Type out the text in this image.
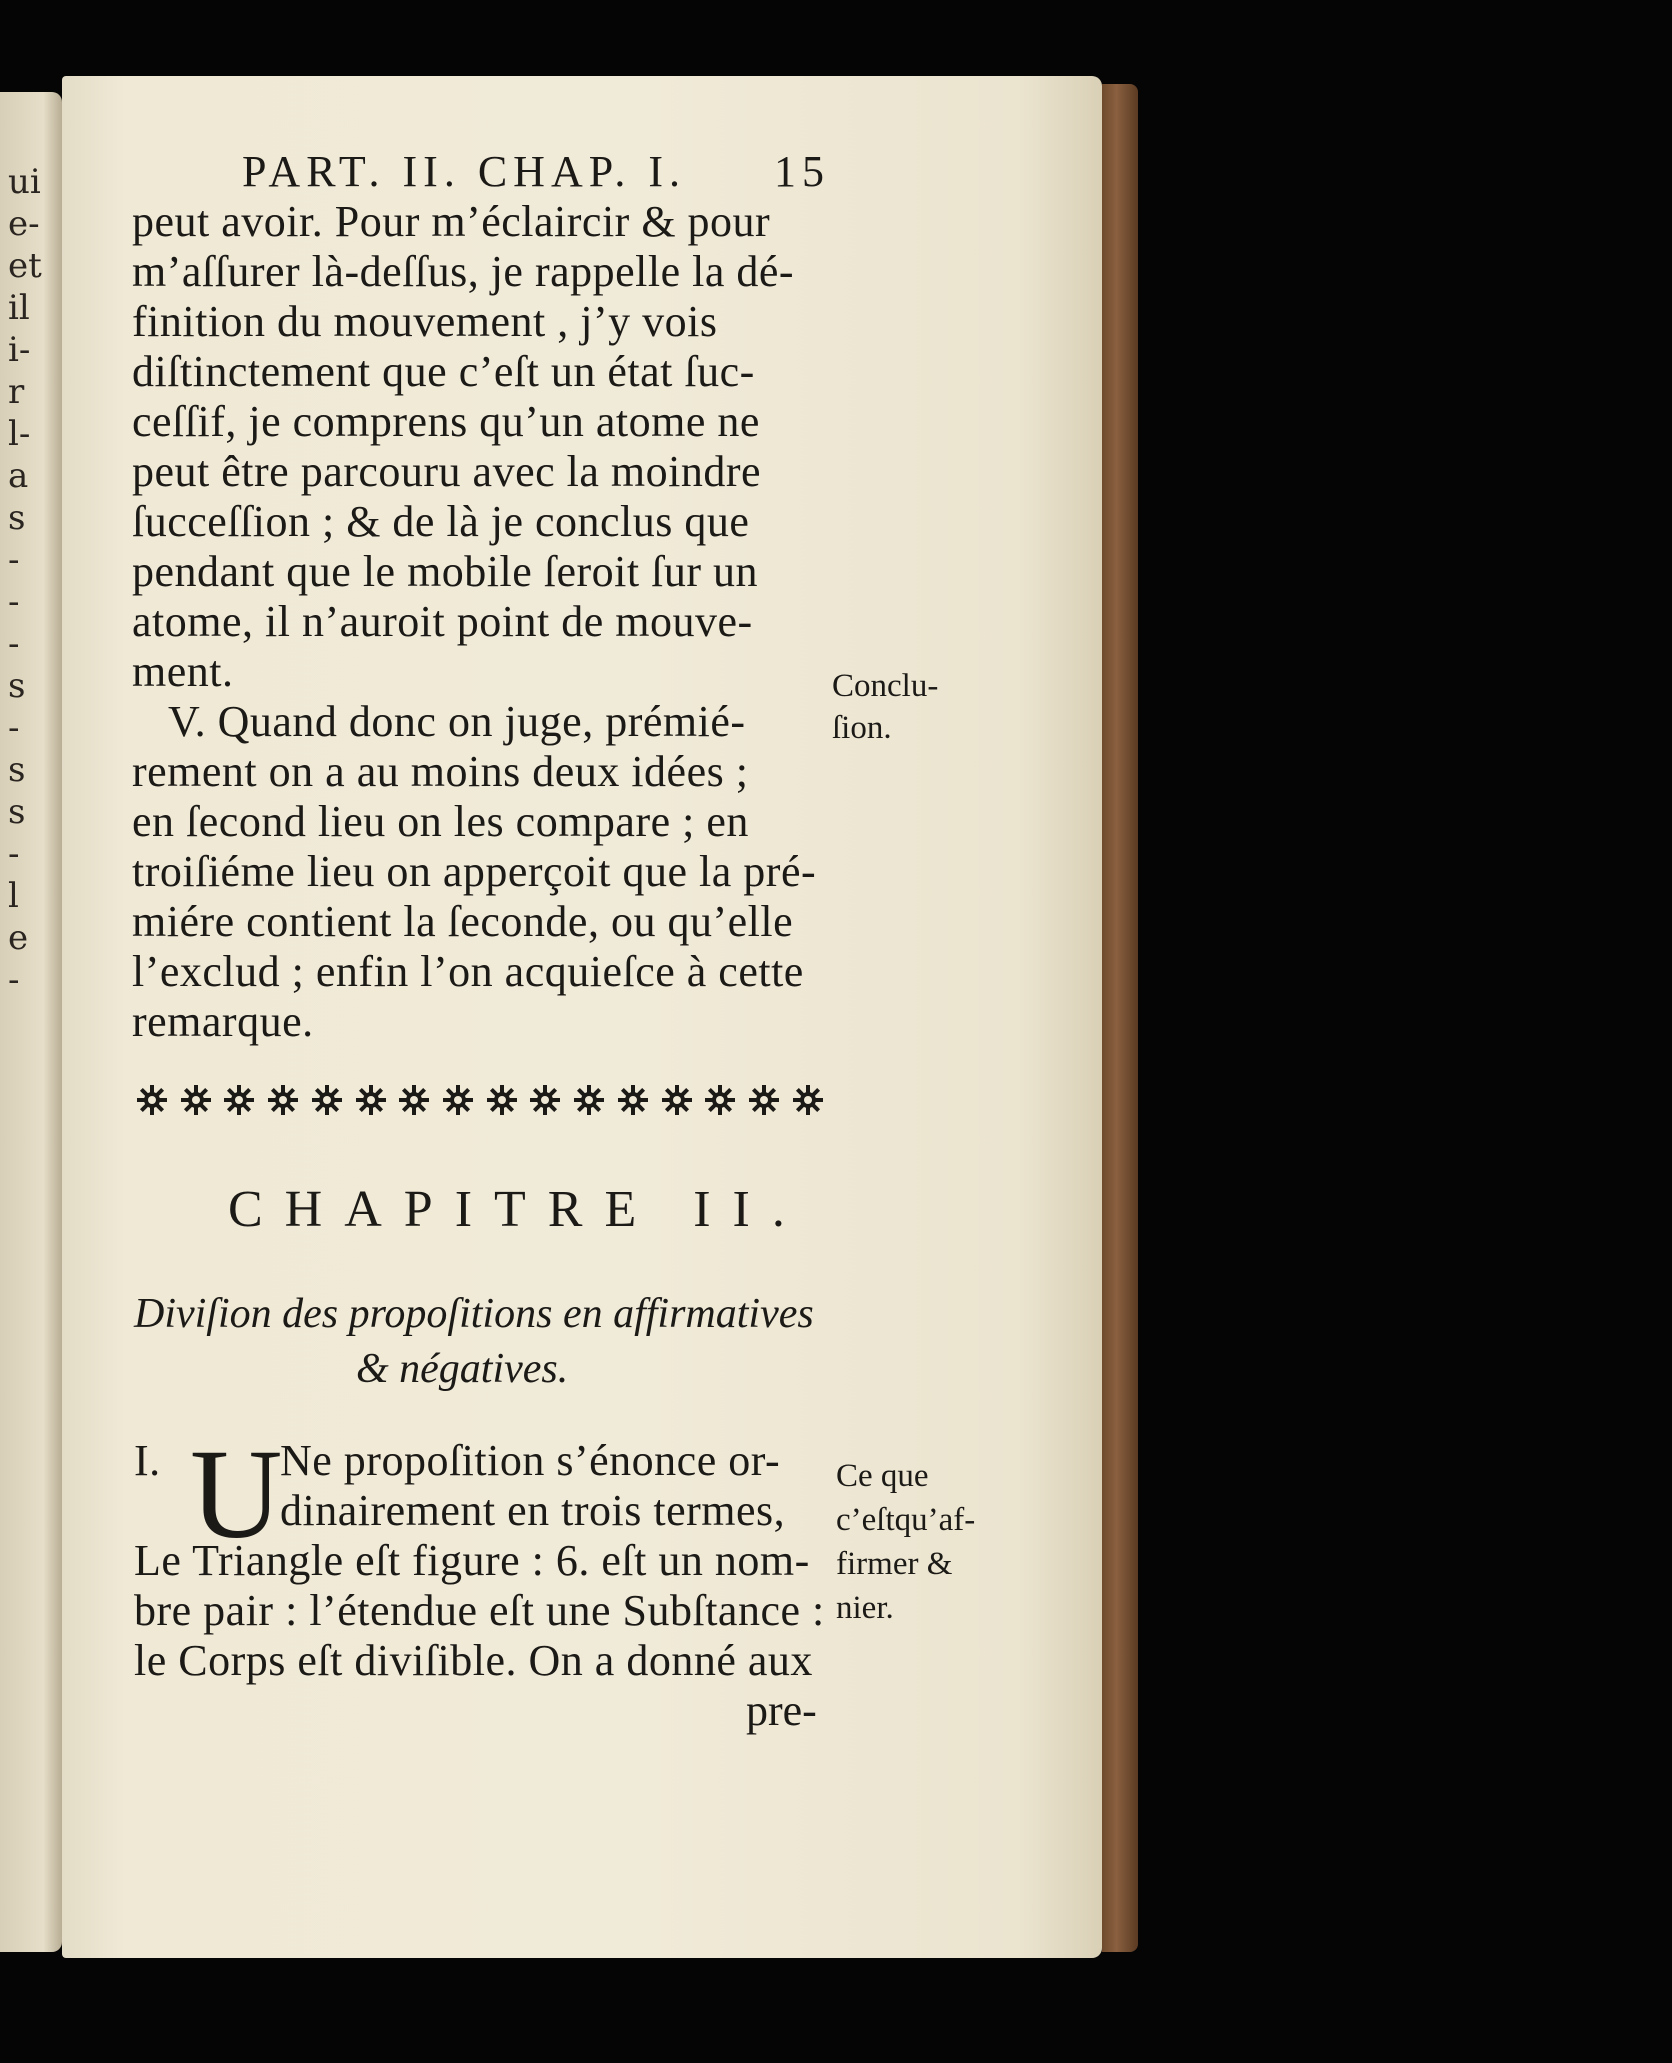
ui
e-
et
il
i-
r
l-
a
s
-
-
-
s
-
s
s
-
l
e
-
PART. II. CHAP. I. 15
peut avoir. Pour m’éclaircir & pour
m’aſſurer là-deſſus, je rappelle la dé-
finition du mouvement , j’y vois
diſtinctement que c’eſt un état ſuc-
ceſſif, je comprens qu’un atome ne
peut être parcouru avec la moindre
ſucceſſion ; & de là je conclus que
pendant que le mobile ſeroit ſur un
atome, il n’auroit point de mouve-
ment.
V. Quand donc on juge, prémié-
rement on a au moins deux idées ;
en ſecond lieu on les compare ; en
troiſiéme lieu on apperçoit que la pré-
miére contient la ſeconde, ou qu’elle
l’exclud ; enfin l’on acquieſce à cette
remarque.
Conclu-
ſion.
CHAPITRE II.
Diviſion des propoſitions en affirmatives
& négatives.
I. U
Ne propoſition s’énonce or-
dinairement en trois termes,
Le Triangle eſt figure : 6. eſt un nom-
bre pair : l’étendue eſt une Subſtance :
le Corps eſt diviſible. On a donné aux
pre-
Ce que
c’eſtqu’af-
firmer &
nier.
